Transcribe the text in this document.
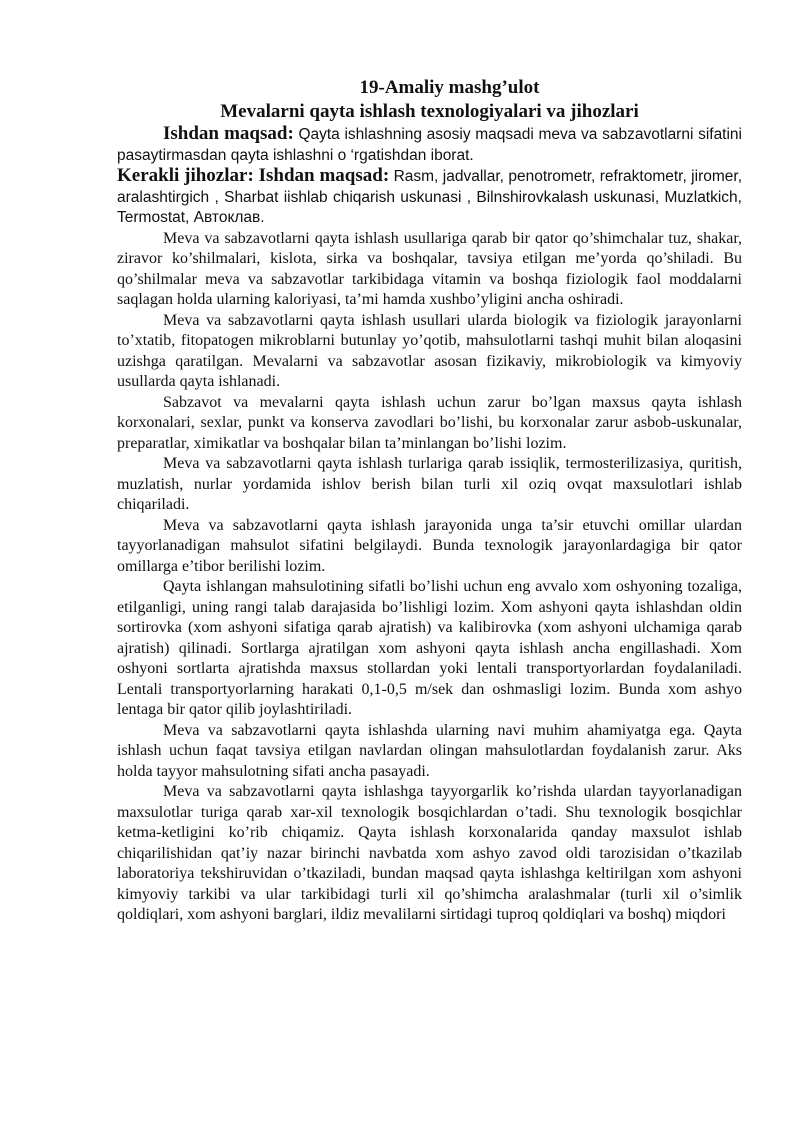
19-Amaliy mashg’ulot
Mevalarni qayta ishlash texnologiyalari va jihozlari

Ishdan maqsad: Qayta ishlashning asosiy maqsadi meva va sabzavotlarni sifatini pasaytirmasdan qayta ishlashni o ‘rgatishdan iborat.

Kerakli jihozlar: Ishdan maqsad: Rasm, jadvallar, penotrometr, refraktometr, jiromer, aralashtirgich , Sharbat iishlab chiqarish uskunasi , Bilnshirovkalash uskunasi, Muzlatkich, Termostat, Автоклав.

Meva va sabzavotlarni qayta ishlash usullariga qarab bir qator qo’shimchalar tuz, shakar, ziravor ko’shilmalari, kislota, sirka va boshqalar, tavsiya etilgan me’yorda qo’shiladi. Bu qo’shilmalar meva va sabzavotlar tarkibidaga vitamin va boshqa fiziologik faol moddalarni saqlagan holda ularning kaloriyasi, ta’mi hamda xushbo’yligini ancha oshiradi.

Meva va sabzavotlarni qayta ishlash usullari ularda biologik va fiziologik jarayonlarni to’xtatib, fitopatogen mikroblarni butunlay yo’qotib, mahsulotlarni tashqi muhit bilan aloqasini uzishga qaratilgan. Mevalarni va sabzavotlar asosan fizikaviy, mikrobiologik va kimyoviy usullarda qayta ishlanadi.

Sabzavot va mevalarni qayta ishlash uchun zarur bo’lgan maxsus qayta ishlash korxonalari, sexlar, punkt va konserva zavodlari bo’lishi, bu korxonalar zarur asbob-uskunalar, preparatlar, ximikatlar va boshqalar bilan ta’minlangan bo’lishi lozim.

Meva va sabzavotlarni qayta ishlash turlariga qarab issiqlik, termosterilizasiya, quritish, muzlatish, nurlar yordamida ishlov berish bilan turli xil oziq ovqat maxsulotlari ishlab chiqariladi.

Meva va sabzavotlarni qayta ishlash jarayonida unga ta’sir etuvchi omillar ulardan tayyorlanadigan mahsulot sifatini belgilaydi. Bunda texnologik jarayonlardagiga bir qator omillarga e’tibor berilishi lozim.

Qayta ishlangan mahsulotining sifatli bo’lishi uchun eng avvalo xom oshyoning tozaliga, etilganligi, uning rangi talab darajasida bo’lishligi lozim. Xom ashyoni qayta ishlashdan oldin sortirovka (xom ashyoni sifatiga qarab ajratish) va kalibirovka (xom ashyoni ulchamiga qarab ajratish) qilinadi. Sortlarga ajratilgan xom ashyoni qayta ishlash ancha engillashadi. Xom oshyoni sortlarta ajratishda maxsus stollardan yoki lentali transportyorlardan foydalaniladi. Lentali transportyorlarning harakati 0,1-0,5 m/sek dan oshmasligi lozim. Bunda xom ashyo lentaga bir qator qilib joylashtiriladi.

Meva va sabzavotlarni qayta ishlashda ularning navi muhim ahamiyatga ega. Qayta ishlash uchun faqat tavsiya etilgan navlardan olingan mahsulotlardan foydalanish zarur. Aks holda tayyor mahsulotning sifati ancha pasayadi.

Meva va sabzavotlarni qayta ishlashga tayyorgarlik ko’rishda ulardan tayyorlanadigan maxsulotlar turiga qarab xar-xil texnologik bosqichlardan o’tadi. Shu texnologik bosqichlar ketma-ketligini ko’rib chiqamiz. Qayta ishlash korxonalarida qanday maxsulot ishlab chiqarilishidan qat’iy nazar birinchi navbatda xom ashyo zavod oldi tarozisidan o’tkazilab laboratoriya tekshiruvidan o’tkaziladi, bundan maqsad qayta ishlashga keltirilgan xom ashyoni kimyoviy tarkibi va ular tarkibidagi turli xil qo’shimcha aralashmalar (turli xil o’simlik qoldiqlari, xom ashyoni barglari, ildiz mevalilarni sirtidagi tuproq qoldiqlari va boshq) miqdori
